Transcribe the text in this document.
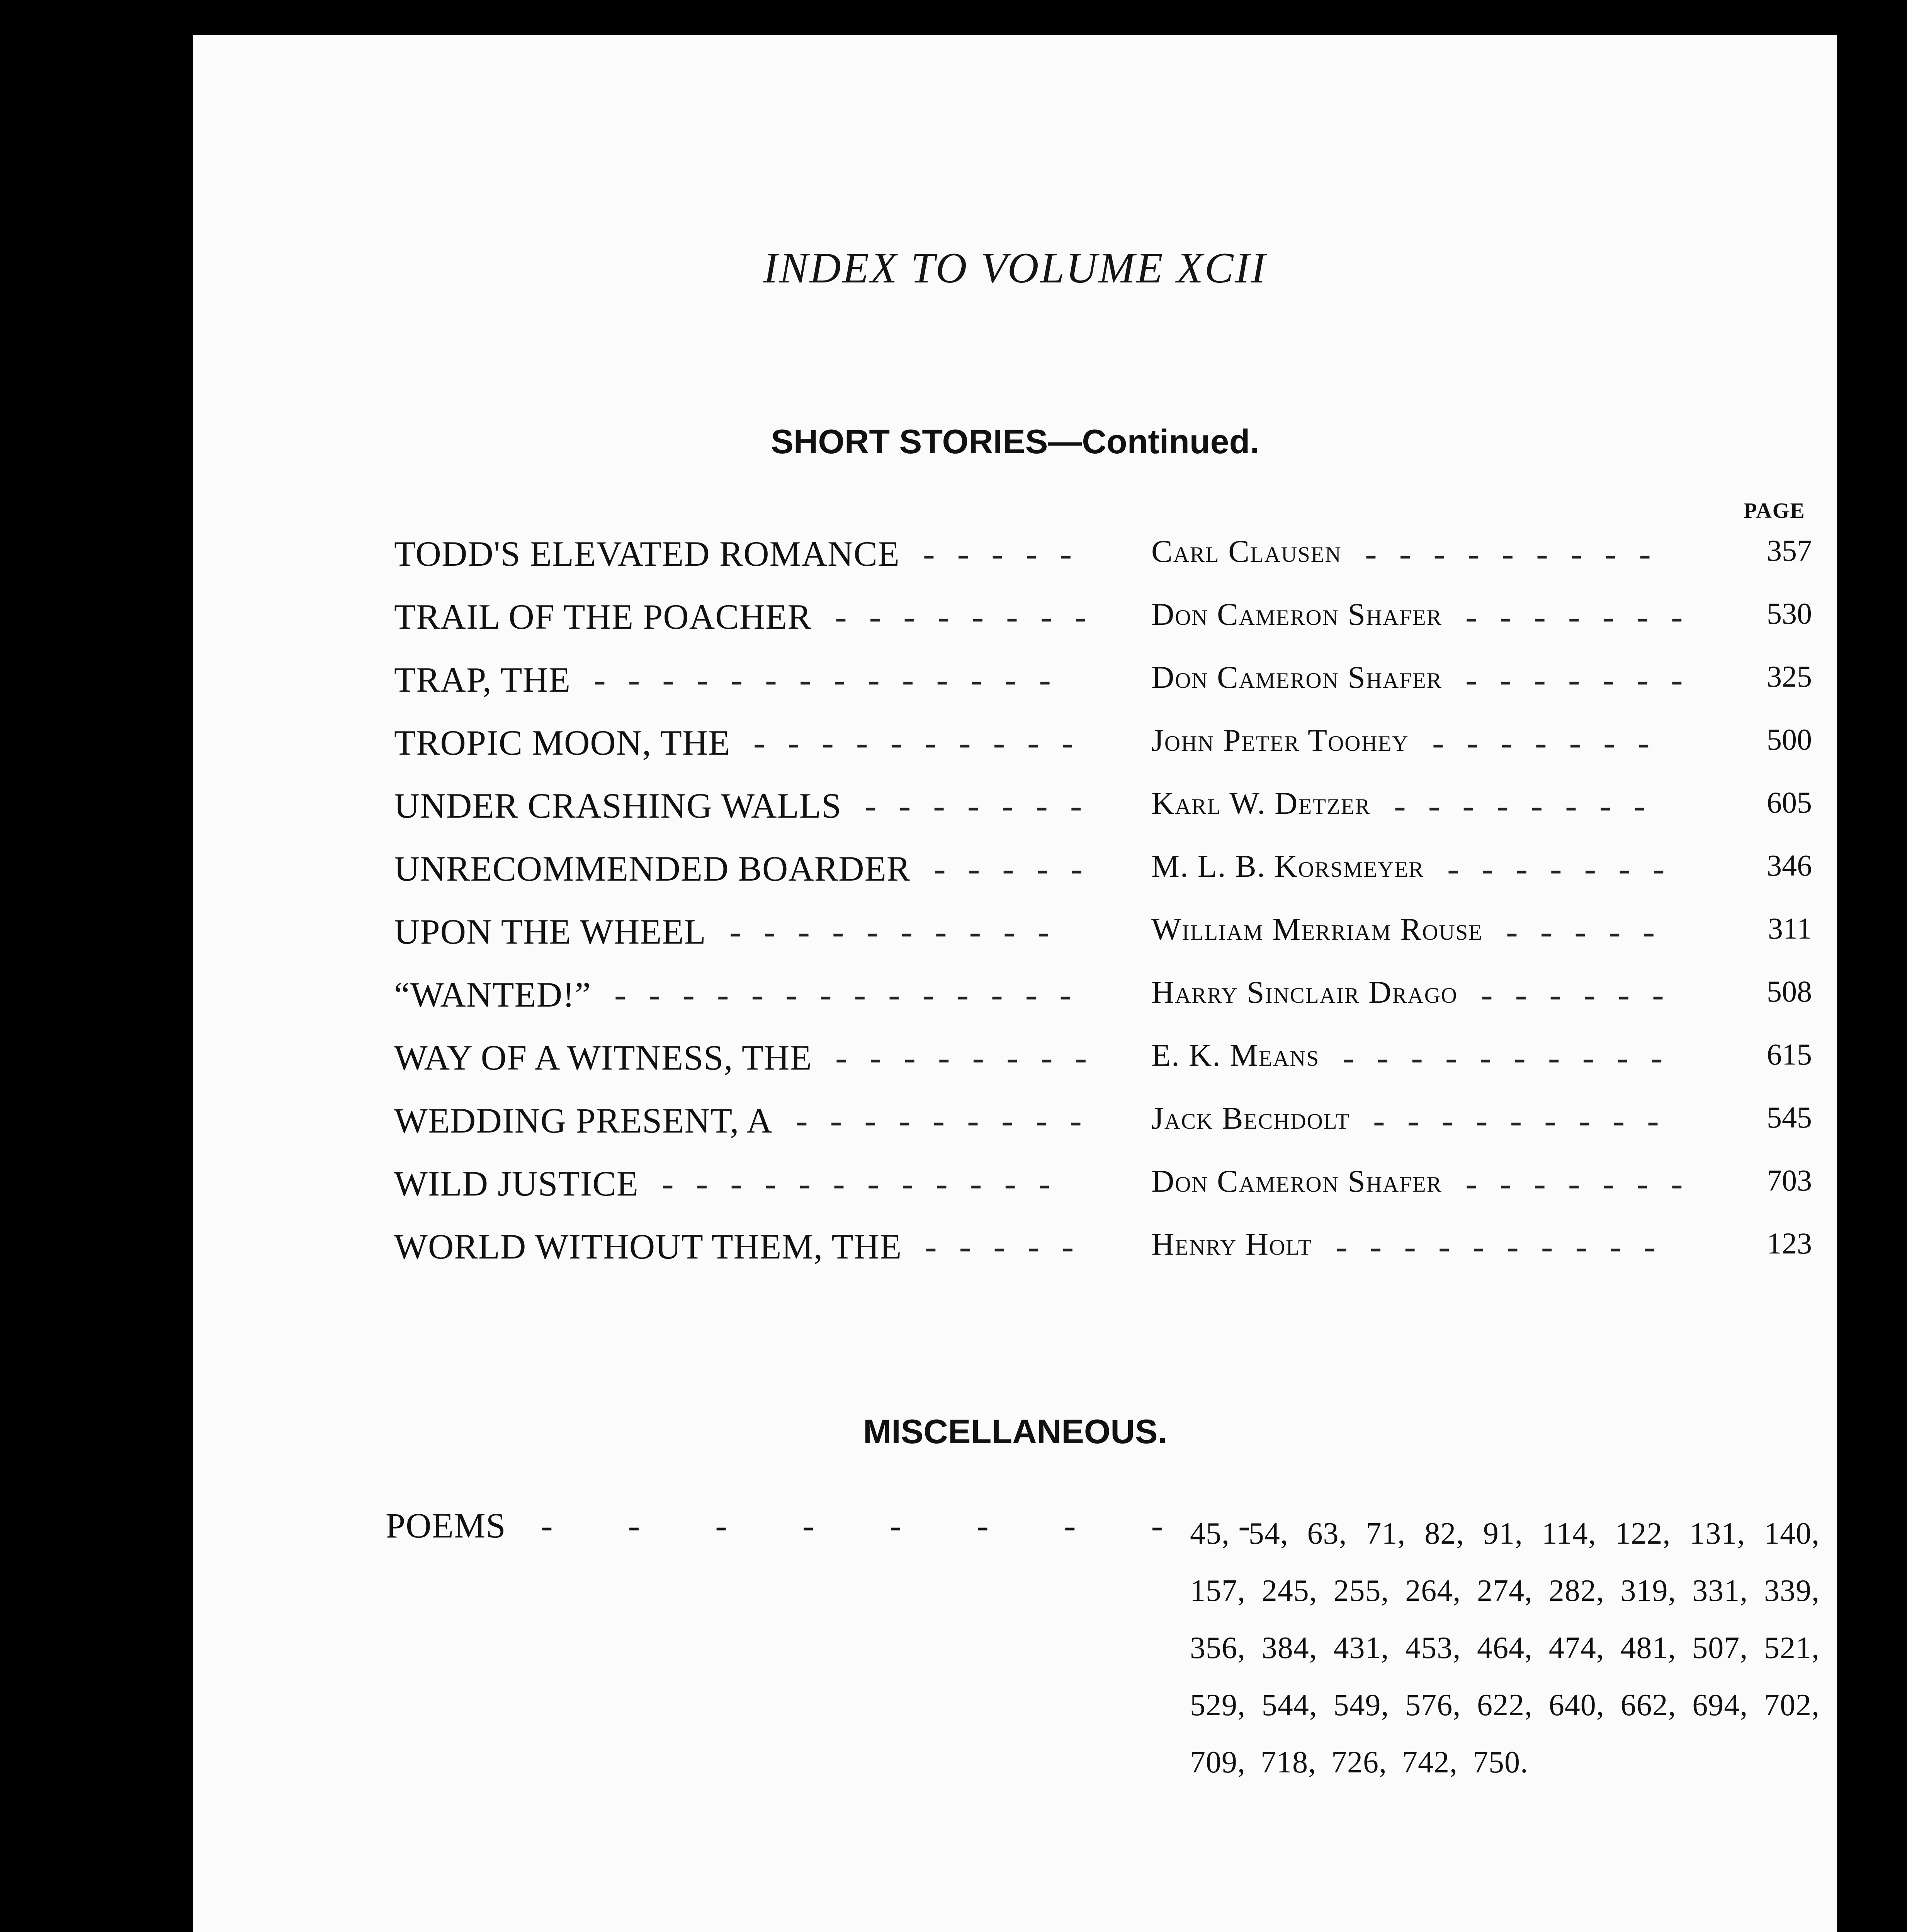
INDEX TO VOLUME XCII
SHORT STORIES—Continued.
PAGE
TODD'S ELEVATED ROMANCE	Carl Clausen	357
-----	---------
TRAIL OF THE POACHER	Don Cameron Shafer	530
--------	-------
TRAP, THE	Don Cameron Shafer	325
--------------	-------
TROPIC MOON, THE	John Peter Toohey	500
----------	-------
UNDER CRASHING WALLS	Karl W. Detzer	605
-------	--------
UNRECOMMENDED BOARDER	M. L. B. Korsmeyer	346
-----	-------
UPON THE WHEEL	William Merriam Rouse	311
----------	-----
“WANTED!”	Harry Sinclair Drago	508
--------------	------
WAY OF A WITNESS, THE	E. K. Means	615
--------	----------
WEDDING PRESENT, A	Jack Bechdolt	545
---------	---------
WILD JUSTICE	Don Cameron Shafer	703
------------	-------
WORLD WITHOUT THEM, THE	Henry Holt	123
-----	----------
MISCELLANEOUS.
POEMS - - - - - - - - -
45, 54, 63, 71, 82, 91, 114, 122, 131, 140, 157, 245, 255, 264, 274, 282, 319, 331, 339, 356, 384, 431, 453, 464, 474, 481, 507, 521, 529, 544, 549, 576, 622, 640, 662, 694, 702, 709, 718, 726, 742, 750.
